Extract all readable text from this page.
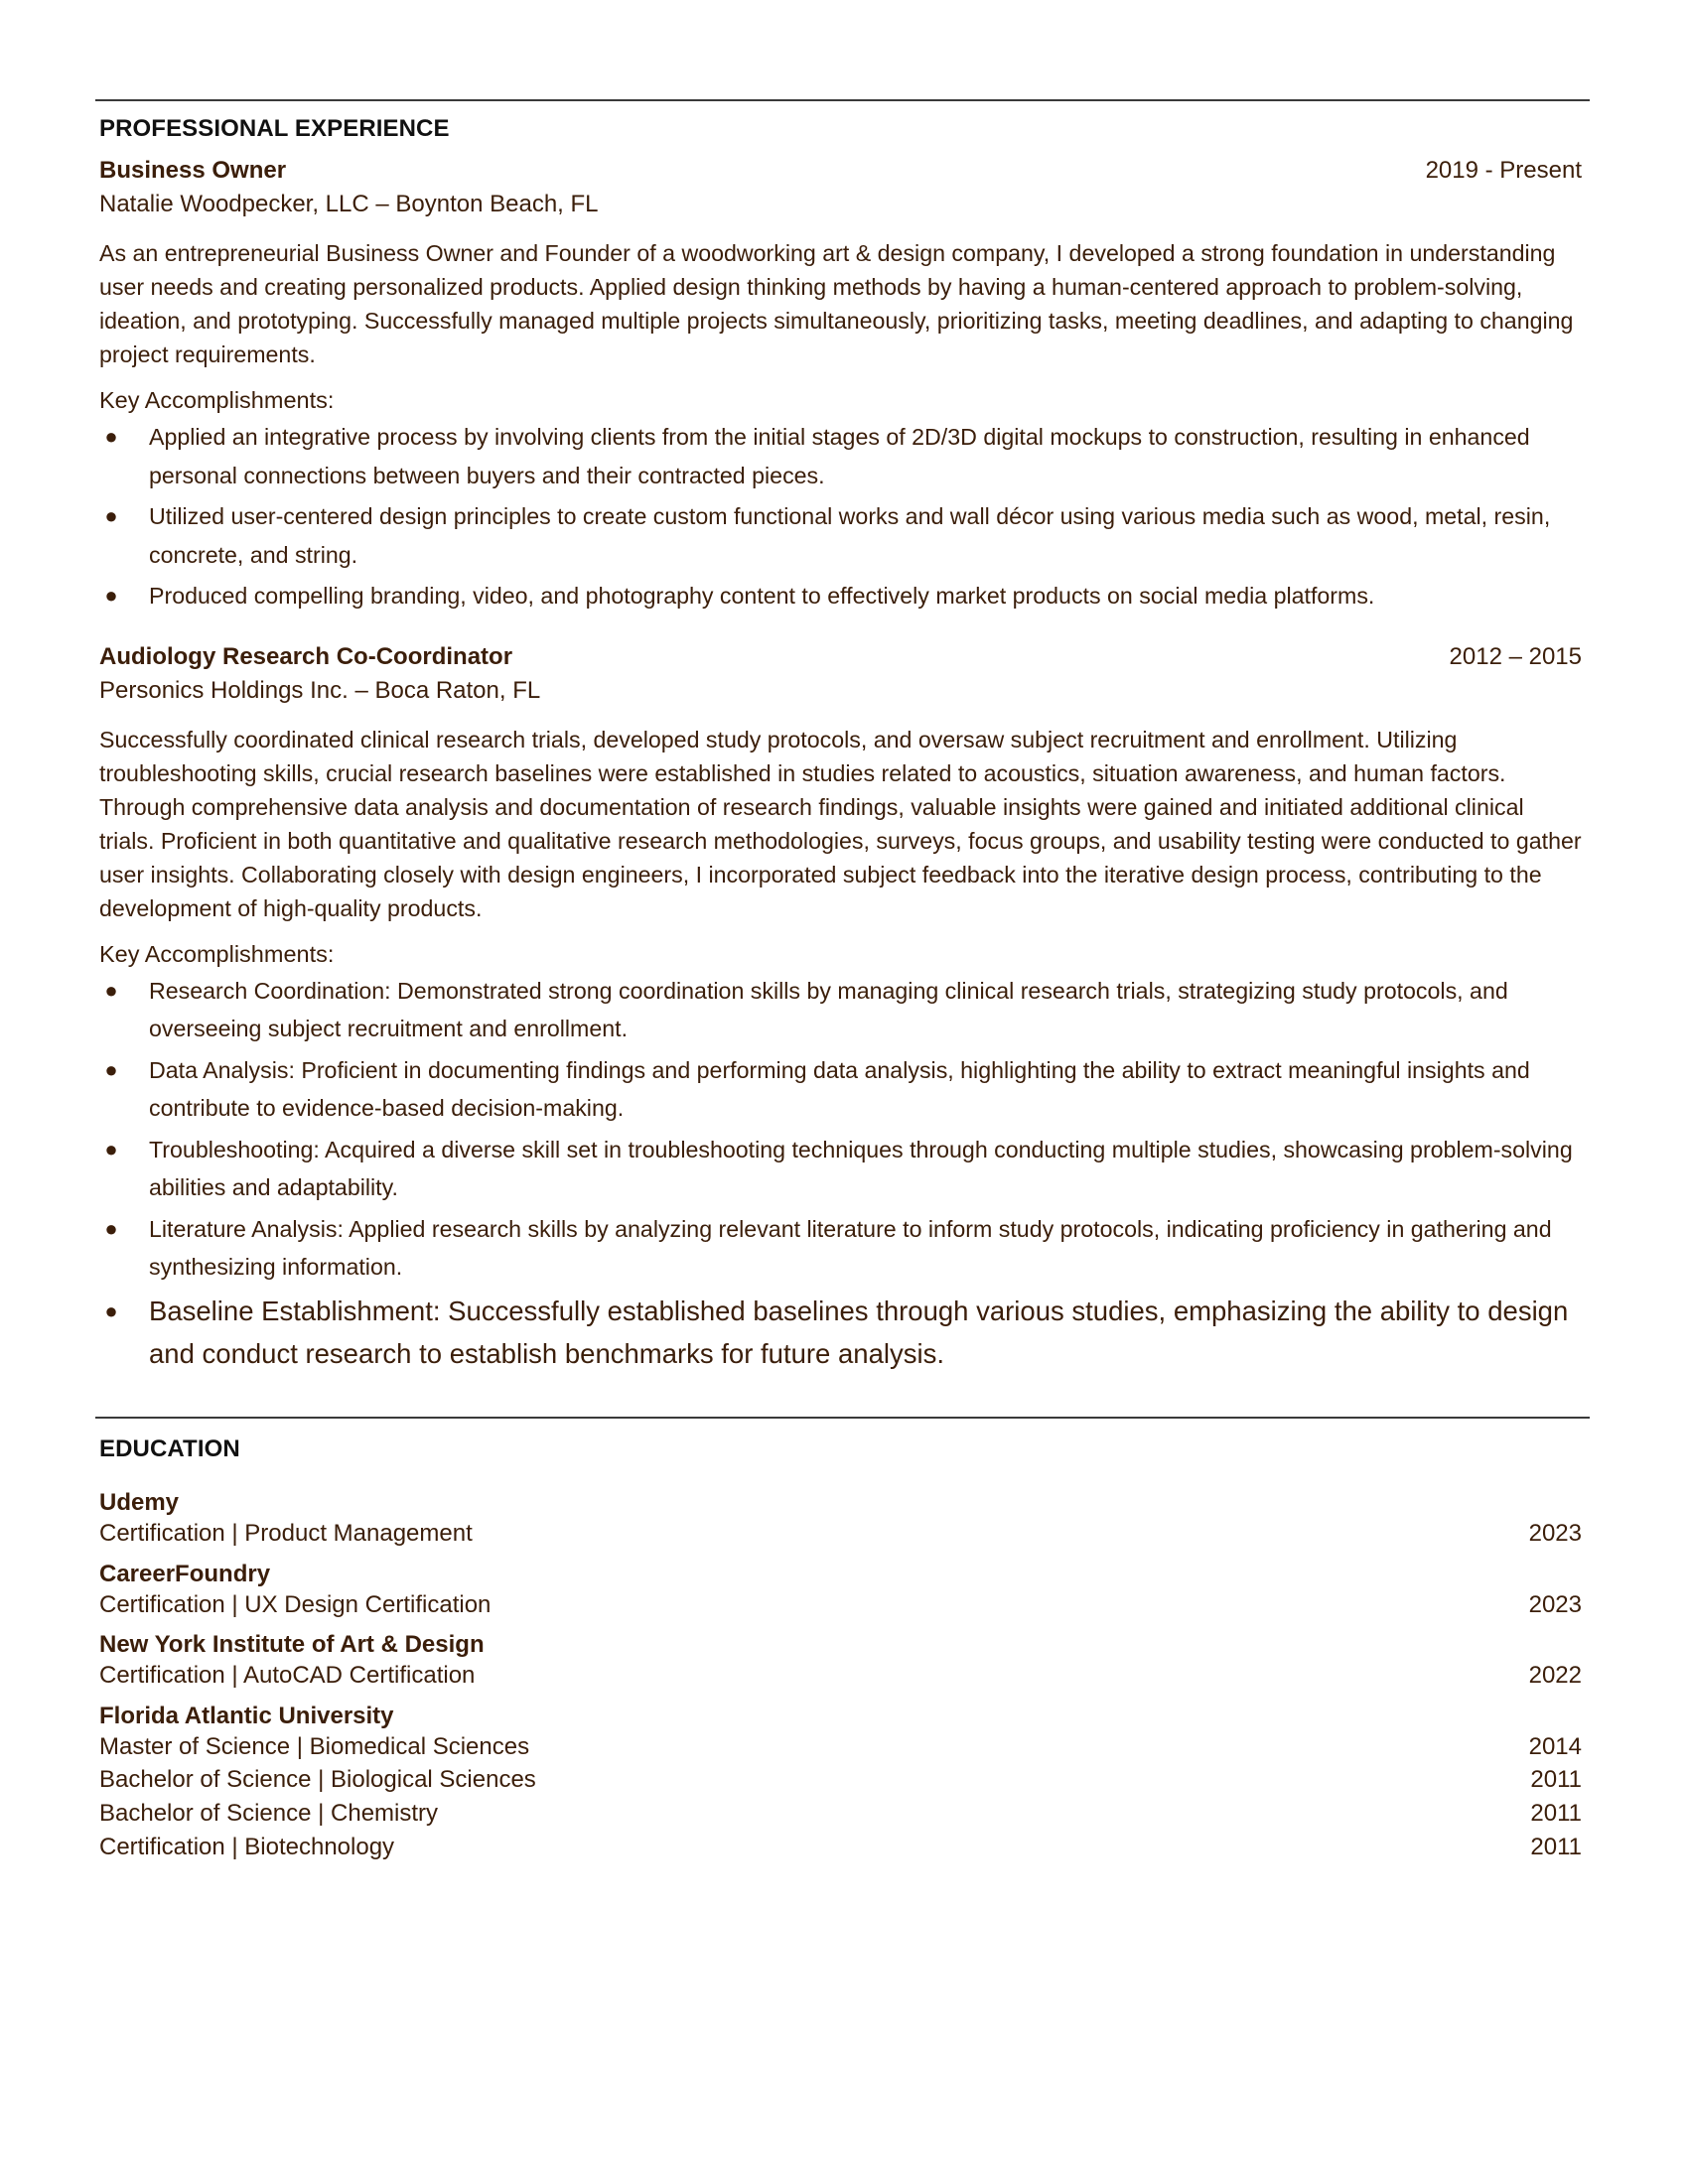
PROFESSIONAL EXPERIENCE
Business Owner	2019 - Present
Natalie Woodpecker, LLC – Boynton Beach, FL
As an entrepreneurial Business Owner and Founder of a woodworking art & design company, I developed a strong foundation in understanding user needs and creating personalized products. Applied design thinking methods by having a human-centered approach to problem-solving, ideation, and prototyping. Successfully managed multiple projects simultaneously, prioritizing tasks, meeting deadlines, and adapting to changing project requirements.
Key Accomplishments:
● Applied an integrative process by involving clients from the initial stages of 2D/3D digital mockups to construction, resulting in enhanced personal connections between buyers and their contracted pieces.
● Utilized user-centered design principles to create custom functional works and wall décor using various media such as wood, metal, resin, concrete, and string.
● Produced compelling branding, video, and photography content to effectively market products on social media platforms.
Audiology Research Co-Coordinator	2012 – 2015
Personics Holdings Inc. – Boca Raton, FL
Successfully coordinated clinical research trials, developed study protocols, and oversaw subject recruitment and enrollment. Utilizing troubleshooting skills, crucial research baselines were established in studies related to acoustics, situation awareness, and human factors. Through comprehensive data analysis and documentation of research findings, valuable insights were gained and initiated additional clinical trials. Proficient in both quantitative and qualitative research methodologies, surveys, focus groups, and usability testing were conducted to gather user insights. Collaborating closely with design engineers, I incorporated subject feedback into the iterative design process, contributing to the development of high-quality products.
Key Accomplishments:
● Research Coordination: Demonstrated strong coordination skills by managing clinical research trials, strategizing study protocols, and overseeing subject recruitment and enrollment.
● Data Analysis: Proficient in documenting findings and performing data analysis, highlighting the ability to extract meaningful insights and contribute to evidence-based decision-making.
● Troubleshooting: Acquired a diverse skill set in troubleshooting techniques through conducting multiple studies, showcasing problem-solving abilities and adaptability.
● Literature Analysis: Applied research skills by analyzing relevant literature to inform study protocols, indicating proficiency in gathering and synthesizing information.
● Baseline Establishment: Successfully established baselines through various studies, emphasizing the ability to design and conduct research to establish benchmarks for future analysis.
EDUCATION
Udemy
Certification | Product Management	2023
CareerFoundry
Certification | UX Design Certification	2023
New York Institute of Art & Design
Certification | AutoCAD Certification	2022
Florida Atlantic University
Master of Science | Biomedical Sciences	2014
Bachelor of Science | Biological Sciences	2011
Bachelor of Science | Chemistry	2011
Certification | Biotechnology	2011
